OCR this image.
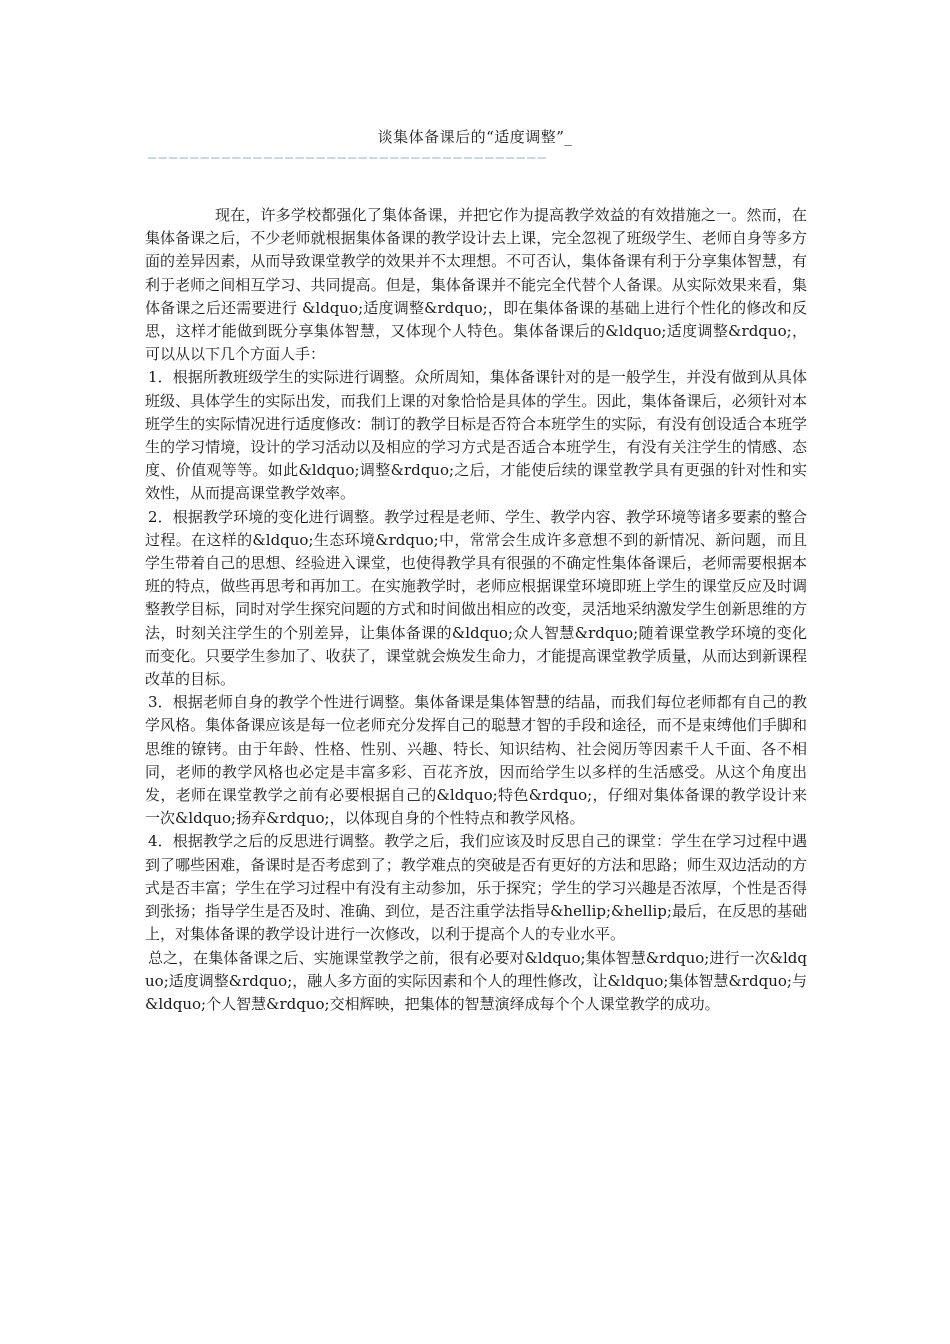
谈集体备课后的“适度调整”_
——————————————————————————————————————

现在，许多学校都强化了集体备课，并把它作为提高教学效益的有效措施之一。然而，在集体备课之后，不少老师就根据集体备课的教学设计去上课，完全忽视了班级学生、老师自身等多方面的差异因素，从而导致课堂教学的效果并不太理想。不可否认，集体备课有利于分享集体智慧，有利于老师之间相互学习、共同提高。但是，集体备课并不能完全代替个人备课。从实际效果来看，集体备课之后还需要进行 &ldquo;适度调整&rdquo;，即在集体备课的基础上进行个性化的修改和反思，这样才能做到既分享集体智慧，又体现个人特色。集体备课后的&ldquo;适度调整&rdquo;，可以从以下几个方面人手：

1．根据所教班级学生的实际进行调整。众所周知，集体备课针对的是一般学生，并没有做到从具体班级、具体学生的实际出发，而我们上课的对象恰恰是具体的学生。因此，集体备课后，必须针对本班学生的实际情况进行适度修改：制订的教学目标是否符合本班学生的实际，有没有创设适合本班学生的学习情境，设计的学习活动以及相应的学习方式是否适合本班学生，有没有关注学生的情感、态度、价值观等等。如此&ldquo;调整&rdquo;之后，才能使后续的课堂教学具有更强的针对性和实效性，从而提高课堂教学效率。

2．根据教学环境的变化进行调整。教学过程是老师、学生、教学内容、教学环境等诸多要素的整合过程。在这样的&ldquo;生态环境&rdquo;中，常常会生成许多意想不到的新情况、新问题，而且学生带着自己的思想、经验进入课堂，也使得教学具有很强的不确定性集体备课后，老师需要根据本班的特点，做些再思考和再加工。在实施教学时，老师应根据课堂环境即班上学生的课堂反应及时调整教学目标，同时对学生探究问题的方式和时间做出相应的改变，灵活地采纳激发学生创新思维的方法，时刻关注学生的个别差异，让集体备课的&ldquo;众人智慧&rdquo;随着课堂教学环境的变化而变化。只要学生参加了、收获了，课堂就会焕发生命力，才能提高课堂教学质量，从而达到新课程改革的目标。

3．根据老师自身的教学个性进行调整。集体备课是集体智慧的结晶，而我们每位老师都有自己的教学风格。集体备课应该是每一位老师充分发挥自己的聪慧才智的手段和途径，而不是束缚他们手脚和思维的镣铐。由于年龄、性格、性别、兴趣、特长、知识结构、社会阅历等因素千人千面、各不相同，老师的教学风格也必定是丰富多彩、百花齐放，因而给学生以多样的生活感受。从这个角度出发，老师在课堂教学之前有必要根据自己的&ldquo;特色&rdquo;，仔细对集体备课的教学设计来一次&ldquo;扬弃&rdquo;，以体现自身的个性特点和教学风格。

4．根据教学之后的反思进行调整。教学之后，我们应该及时反思自己的课堂：学生在学习过程中遇到了哪些困难，备课时是否考虑到了；教学难点的突破是否有更好的方法和思路；师生双边活动的方式是否丰富；学生在学习过程中有没有主动参加，乐于探究；学生的学习兴趣是否浓厚，个性是否得到张扬；指导学生是否及时、准确、到位，是否注重学法指导&hellip;&hellip;最后，在反思的基础上，对集体备课的教学设计进行一次修改，以利于提高个人的专业水平。

总之，在集体备课之后、实施课堂教学之前，很有必要对&ldquo;集体智慧&rdquo;进行一次&ldquo;适度调整&rdquo;，融人多方面的实际因素和个人的理性修改，让&ldquo;集体智慧&rdquo;与&ldquo;个人智慧&rdquo;交相辉映，把集体的智慧演绎成每个个人课堂教学的成功。
